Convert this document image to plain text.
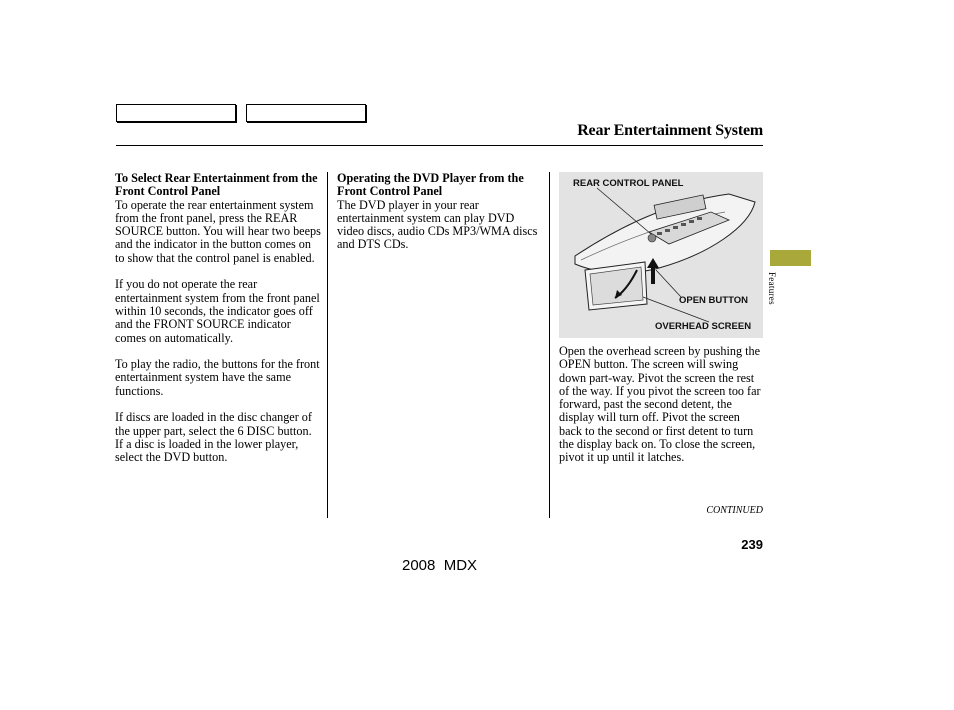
Rear Entertainment System

To Select Rear Entertainment from the Front Control Panel
To operate the rear entertainment system from the front panel, press the REAR SOURCE button. You will hear two beeps and the indicator in the button comes on to show that the control panel is enabled.

If you do not operate the rear entertainment system from the front panel within 10 seconds, the indicator goes off and the FRONT SOURCE indicator comes on automatically.

To play the radio, the buttons for the front entertainment system have the same functions.

If discs are loaded in the disc changer of the upper part, select the 6 DISC button. If a disc is loaded in the lower player, select the DVD button.

Operating the DVD Player from the Front Control Panel
The DVD player in your rear entertainment system can play DVD video discs, audio CDs MP3/WMA discs and DTS CDs.

REAR CONTROL PANEL
OPEN BUTTON
OVERHEAD SCREEN

Open the overhead screen by pushing the OPEN button. The screen will swing down part-way. Pivot the screen the rest of the way. If you pivot the screen too far forward, past the second detent, the display will turn off. Pivot the screen back to the second or first detent to turn the display back on. To close the screen, pivot it up until it latches.

Features
CONTINUED
239
2008  MDX
